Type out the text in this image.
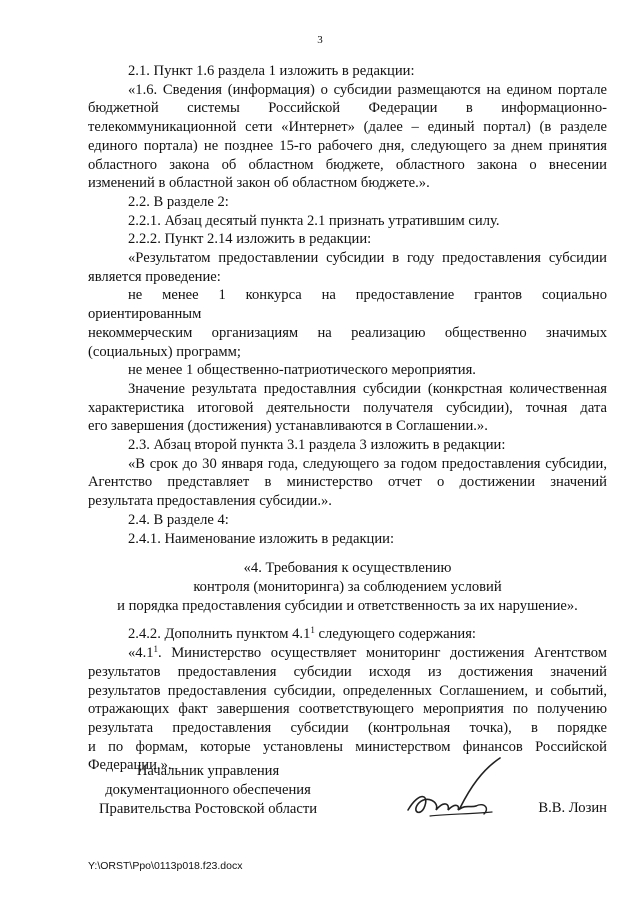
3

2.1. Пункт 1.6 раздела 1 изложить в редакции:

«1.6. Сведения (информация) о субсидии размещаются на едином портале

бюджетной системы Российской Федерации в информационно-

телекоммуникационной сети «Интернет» (далее – единый портал) (в разделе

единого портала) не позднее 15-го рабочего дня, следующего за днем принятия

областного закона об областном бюджете, областного закона о внесении

изменений в областной закон об областном бюджете.».

2.2. В разделе 2:

2.2.1. Абзац десятый пункта 2.1 признать утратившим силу.

2.2.2. Пункт 2.14 изложить в редакции:

«Результатом предоставлении субсидии в году предоставления субсидии

является проведение:

не менее 1 конкурса на предоставление грантов социально ориентированным

некоммерческим организациям на реализацию общественно значимых

(социальных) программ;

не менее 1 общественно-патриотического мероприятия.

Значение результата предоставлния субсидии (конкрстная количественная

характеристика итоговой деятельности получателя субсидии), точная дата

его завершения (достижения) устанавливаются в Соглашении.».

2.3. Абзац второй пункта 3.1 раздела 3 изложить в редакции:

«В срок до 30 января года, следующего за годом предоставления субсидии,

Агентство представляет в министерство отчет о достижении значений

результата предоставления субсидии.».

2.4. В разделе 4:

2.4.1. Наименование изложить в редакции:

«4. Требования к осуществлению
контроля (мониторинга) за соблюдением условий
и порядка предоставления субсидии и ответственность за их нарушение».

2.4.2. Дополнить пунктом $4.1^1$ следующего содержания:

«$4.1^1$. Министерство осуществляет мониторинг достижения Агентством

результатов предоставления субсидии исходя из достижения значений

результатов предоставления субсидии, определенных Соглашением, и событий,

отражающих факт завершения соответствующего мероприятия по получению

результата предоставления субсидии (контрольная точка), в порядке

и по формам, которые установлены министерством финансов Российской

Федерации.».

Начальник управления
документационного обеспечения
Правительства Ростовской области	В.В. Лозин
Y:\ORST\Ppo\0113p018.f23.docx
